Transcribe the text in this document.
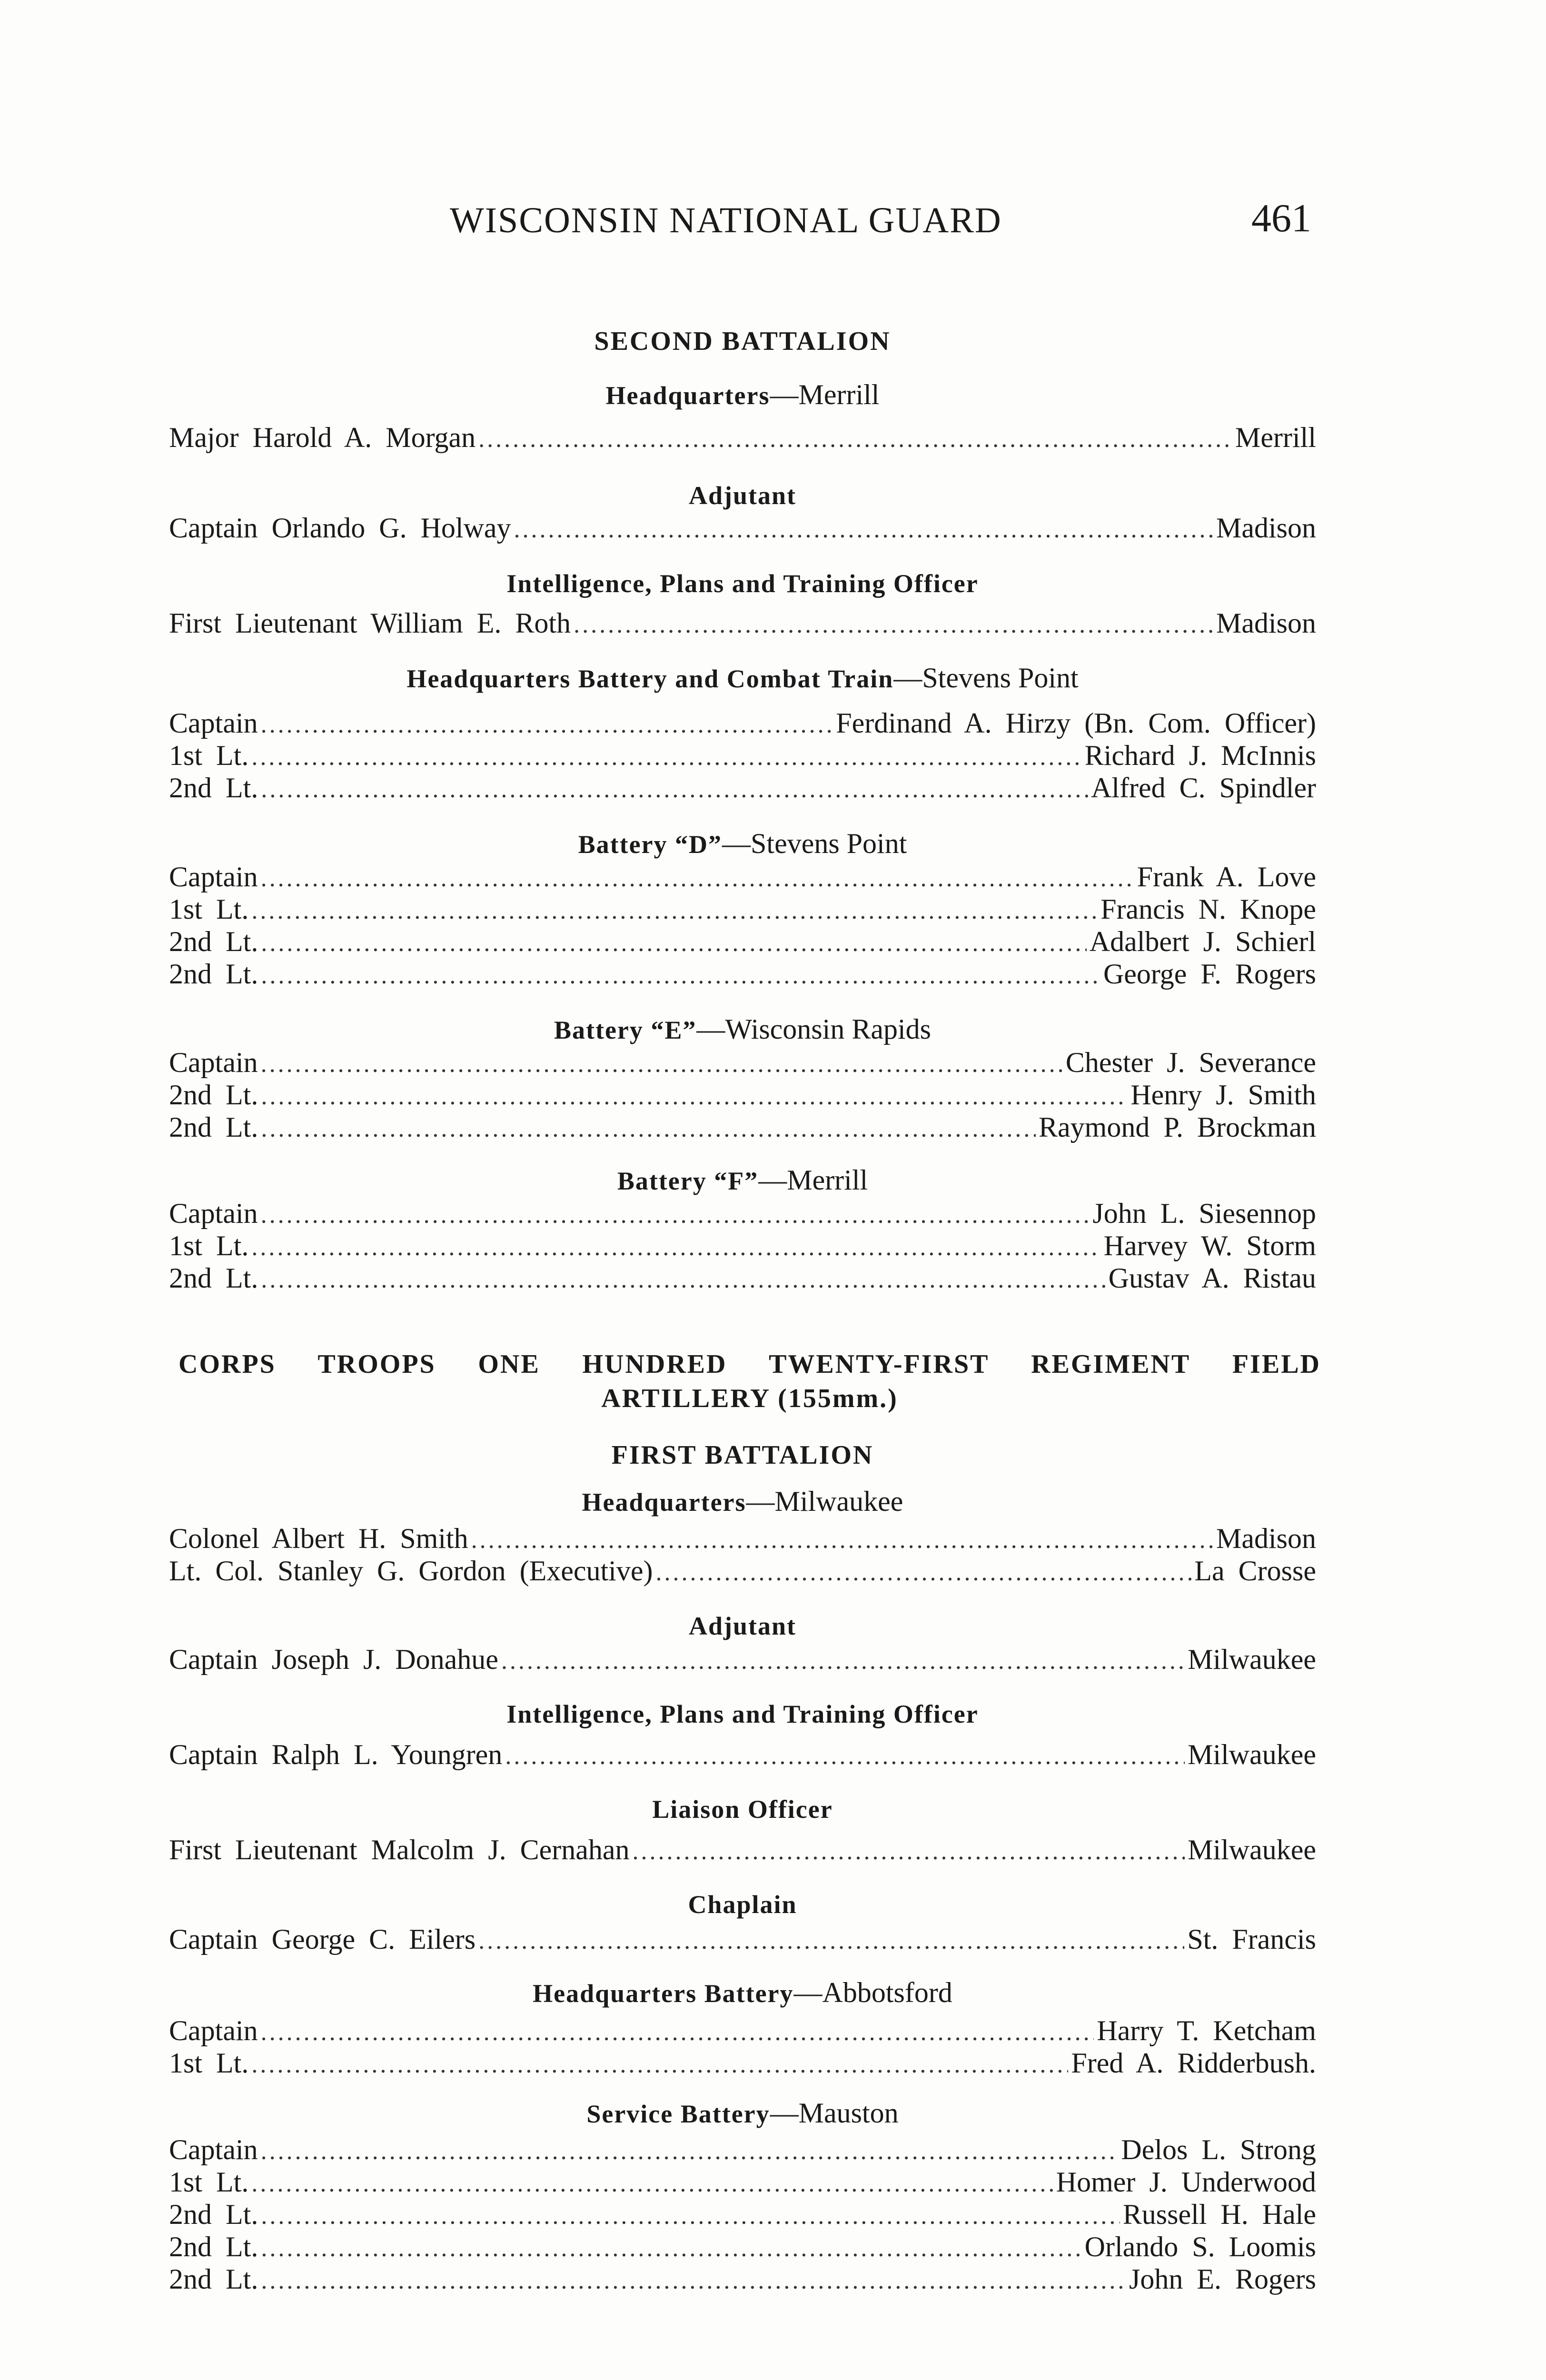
WISCONSIN NATIONAL GUARD	461
SECOND BATTALION
Headquarters—Merrill
Major Harold A. Morgan . . .	Merrill
Adjutant
Captain Orlando G. Holway . . .	Madison
Intelligence, Plans and Training Officer
First Lieutenant William E. Roth . . .	Madison
Headquarters Battery and Combat Train—Stevens Point
Captain . . .	Ferdinand A. Hirzy (Bn. Com. Officer)
1st Lt. . . .	Richard J. McInnis
2nd Lt. . . .	Alfred C. Spindler
Battery “D”—Stevens Point
Captain . . .	Frank A. Love
1st Lt. . . .	Francis N. Knope
2nd Lt. . . .	Adalbert J. Schierl
2nd Lt. . . .	George F. Rogers
Battery “E”—Wisconsin Rapids
Captain . . .	Chester J. Severance
2nd Lt. . . .	Henry J. Smith
2nd Lt. . . .	Raymond P. Brockman
Battery “F”—Merrill
Captain . . .	John L. Siesennop
1st Lt. . . .	Harvey W. Storm
2nd Lt. . . .	Gustav A. Ristau
CORPS TROOPS ONE HUNDRED TWENTY-FIRST REGIMENT FIELD
ARTILLERY (155mm.)
FIRST BATTALION
Headquarters—Milwaukee
Colonel Albert H. Smith . . .	Madison
Lt. Col. Stanley G. Gordon (Executive) . . .	La Crosse
Adjutant
Captain Joseph J. Donahue . . .	Milwaukee
Intelligence, Plans and Training Officer
Captain Ralph L. Youngren . . .	Milwaukee
Liaison Officer
First Lieutenant Malcolm J. Cernahan . . .	Milwaukee
Chaplain
Captain George C. Eilers . . .	St. Francis
Headquarters Battery—Abbotsford
Captain . . .	Harry T. Ketcham
1st Lt. . . .	Fred A. Ridderbush.
Service Battery—Mauston
Captain . . .	Delos L. Strong
1st Lt. . . .	Homer J. Underwood
2nd Lt. . . .	Russell H. Hale
2nd Lt. . . .	Orlando S. Loomis
2nd Lt. . . .	John E. Rogers
